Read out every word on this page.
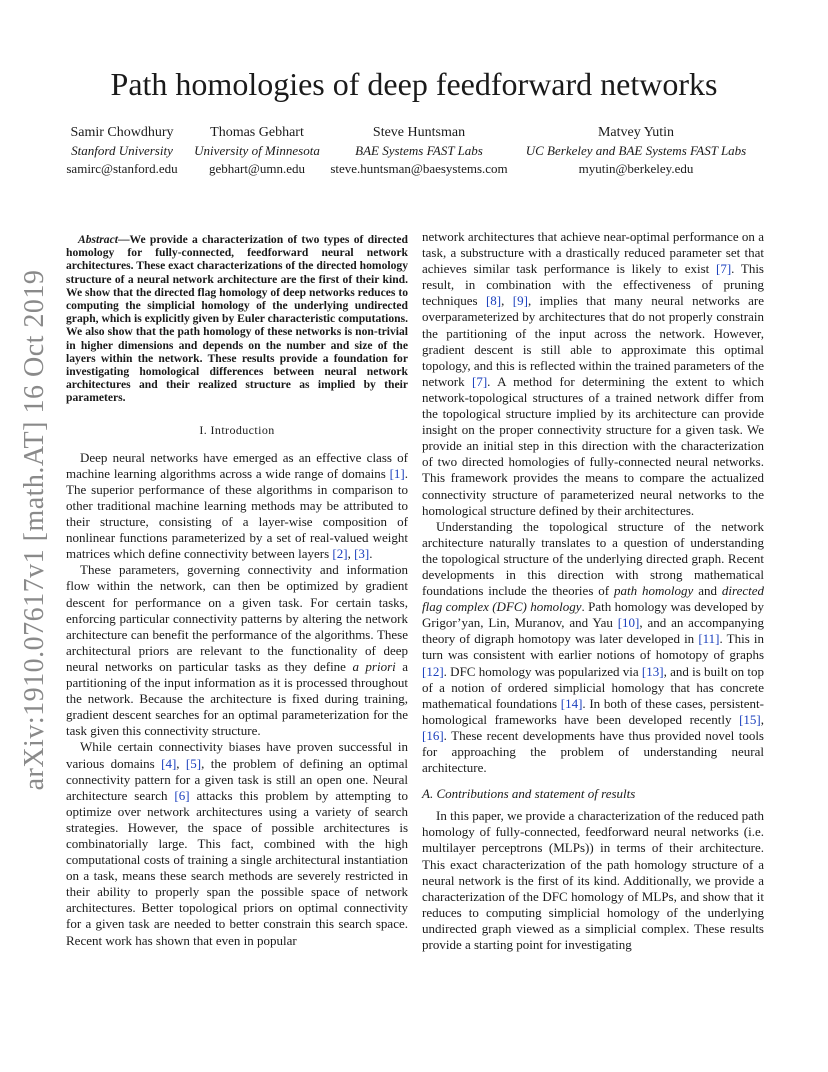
arXiv:1910.07617v1 [math.AT] 16 Oct 2019
Path homologies of deep feedforward networks
Samir Chowdhury
Stanford University
samirc@stanford.edu
Thomas Gebhart
University of Minnesota
gebhart@umn.edu
Steve Huntsman
BAE Systems FAST Labs
steve.huntsman@baesystems.com
Matvey Yutin
UC Berkeley and BAE Systems FAST Labs
myutin@berkeley.edu

Abstract—We provide a characterization of two types of directed homology for fully-connected, feedforward neural network architectures. These exact characterizations of the directed homology structure of a neural network architecture are the first of their kind. We show that the directed flag homology of deep networks reduces to computing the simplicial homology of the underlying undirected graph, which is explicitly given by Euler characteristic computations. We also show that the path homology of these networks is non-trivial in higher dimensions and depends on the number and size of the layers within the network. These results provide a foundation for investigating homological differences between neural network architectures and their realized structure as implied by their parameters.

I. Introduction

Deep neural networks have emerged as an effective class of machine learning algorithms across a wide range of domains [1]. The superior performance of these algorithms in comparison to other traditional machine learning methods may be attributed to their structure, consisting of a layer-wise composition of nonlinear functions parameterized by a set of real-valued weight matrices which define connectivity between layers [2], [3].

These parameters, governing connectivity and information flow within the network, can then be optimized by gradient descent for performance on a given task. For certain tasks, enforcing particular connectivity patterns by altering the network architecture can benefit the performance of the algorithms. These architectural priors are relevant to the functionality of deep neural networks on particular tasks as they define a priori a partitioning of the input information as it is processed throughout the network. Because the architecture is fixed during training, gradient descent searches for an optimal parameterization for the task given this connectivity structure.

While certain connectivity biases have proven successful in various domains [4], [5], the problem of defining an optimal connectivity pattern for a given task is still an open one. Neural architecture search [6] attacks this problem by attempting to optimize over network architectures using a variety of search strategies. However, the space of possible architectures is combinatorially large. This fact, combined with the high computational costs of training a single architectural instantiation on a task, means these search methods are severely restricted in their ability to properly span the possible space of network architectures. Better topological priors on optimal connectivity for a given task are needed to better constrain this search space. Recent work has shown that even in popular

network architectures that achieve near-optimal performance on a task, a substructure with a drastically reduced parameter set that achieves similar task performance is likely to exist [7]. This result, in combination with the effectiveness of pruning techniques [8], [9], implies that many neural networks are overparameterized by architectures that do not properly constrain the partitioning of the input across the network. However, gradient descent is still able to approximate this optimal topology, and this is reflected within the trained parameters of the network [7]. A method for determining the extent to which network-topological structures of a trained network differ from the topological structure implied by its architecture can provide insight on the proper connectivity structure for a given task. We provide an initial step in this direction with the characterization of two directed homologies of fully-connected neural networks. This framework provides the means to compare the actualized connectivity structure of parameterized neural networks to the homological structure defined by their architectures.

Understanding the topological structure of the network architecture naturally translates to a question of understanding the topological structure of the underlying directed graph. Recent developments in this direction with strong mathematical foundations include the theories of path homology and directed flag complex (DFC) homology. Path homology was developed by Grigor’yan, Lin, Muranov, and Yau [10], and an accompanying theory of digraph homotopy was later developed in [11]. This in turn was consistent with earlier notions of homotopy of graphs [12]. DFC homology was popularized via [13], and is built on top of a notion of ordered simplicial homology that has concrete mathematical foundations [14]. In both of these cases, persistent-homological frameworks have been developed recently [15], [16]. These recent developments have thus provided novel tools for approaching the problem of understanding neural architecture.

A. Contributions and statement of results

In this paper, we provide a characterization of the reduced path homology of fully-connected, feedforward neural networks (i.e. multilayer perceptrons (MLPs)) in terms of their architecture. This exact characterization of the path homology structure of a neural network is the first of its kind. Additionally, we provide a characterization of the DFC homology of MLPs, and show that it reduces to computing simplicial homology of the underlying undirected graph viewed as a simplicial complex. These results provide a starting point for investigating
